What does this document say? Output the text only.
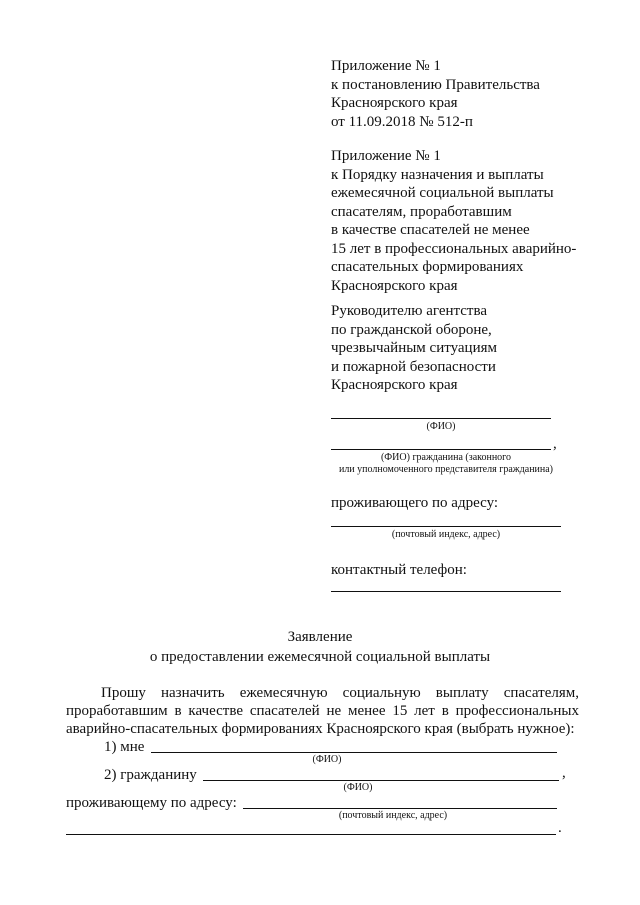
Приложение № 1
к постановлению Правительства
Красноярского края
от 11.09.2018 № 512-п
Приложение № 1
к Порядку назначения и выплаты
ежемесячной социальной выплаты
спасателям, проработавшим
в качестве спасателей не менее
15 лет в профессиональных аварийно-
спасательных формированиях
Красноярского края
Руководителю агентства
по гражданской обороне,
чрезвычайным ситуациям
и пожарной безопасности
Красноярского края
(ФИО)
,
(ФИО) гражданина (законного
или уполномоченного представителя гражданина)
проживающего по адресу:
(почтовый индекс, адрес)
контактный телефон:
Заявление
о предоставлении ежемесячной социальной выплаты
Прошу назначить ежемесячную социальную выплату спасателям,
проработавшим в качестве спасателей не менее 15 лет в профессиональных
аварийно-спасательных формированиях Красноярского края (выбрать нужное):
1) мне
(ФИО)
2) гражданину	,
(ФИО)
проживающему по адресу:
(почтовый индекс, адрес)
.
